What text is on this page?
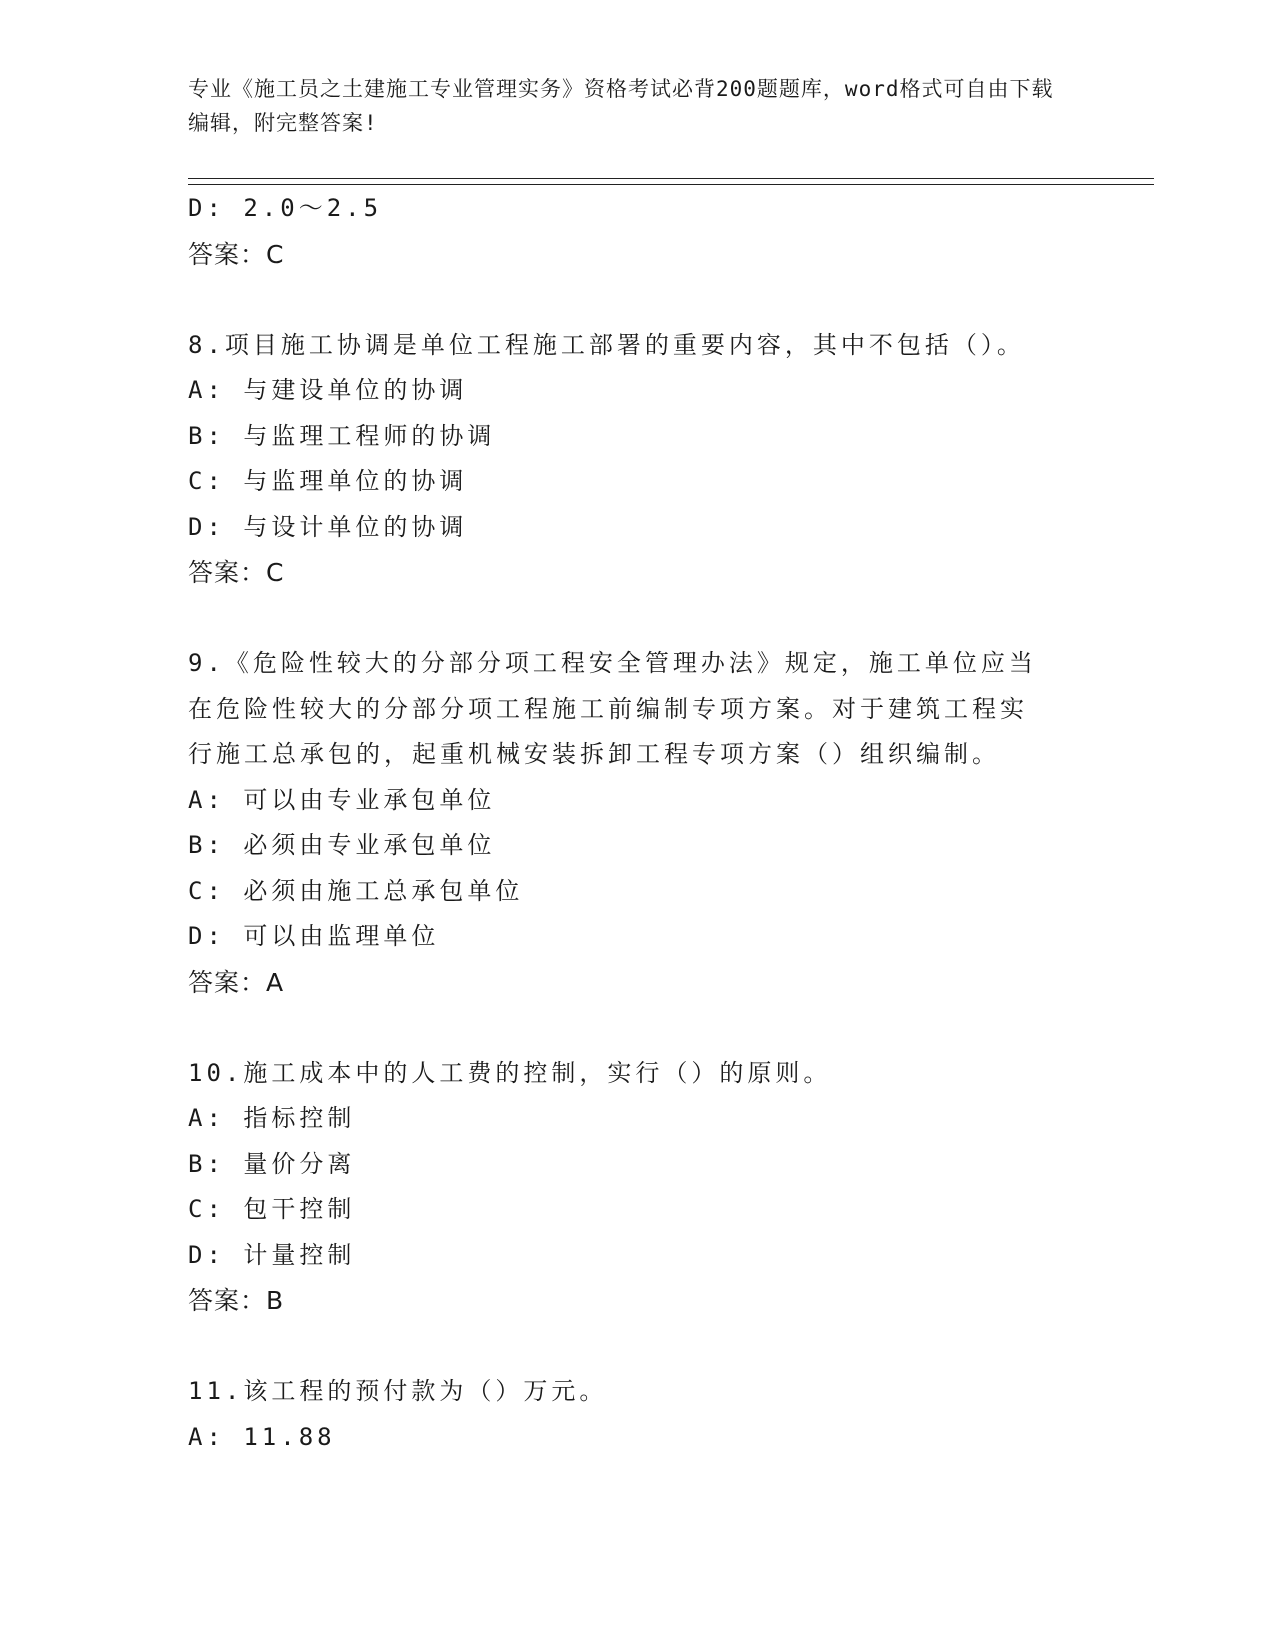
专业《施工员之土建施工专业管理实务》资格考试必背200题题库，word格式可自由下载编辑，附完整答案!
D: 2.0～2.5
答案：C
8.项目施工协调是单位工程施工部署的重要内容，其中不包括（）。
A: 与建设单位的协调
B: 与监理工程师的协调
C: 与监理单位的协调
D: 与设计单位的协调
答案：C
9.《危险性较大的分部分项工程安全管理办法》规定，施工单位应当
在危险性较大的分部分项工程施工前编制专项方案。对于建筑工程实
行施工总承包的，起重机械安装拆卸工程专项方案（）组织编制。
A: 可以由专业承包单位
B: 必须由专业承包单位
C: 必须由施工总承包单位
D: 可以由监理单位
答案：A
10.施工成本中的人工费的控制，实行（）的原则。
A: 指标控制
B: 量价分离
C: 包干控制
D: 计量控制
答案：B
11.该工程的预付款为（）万元。
A: 11.88
